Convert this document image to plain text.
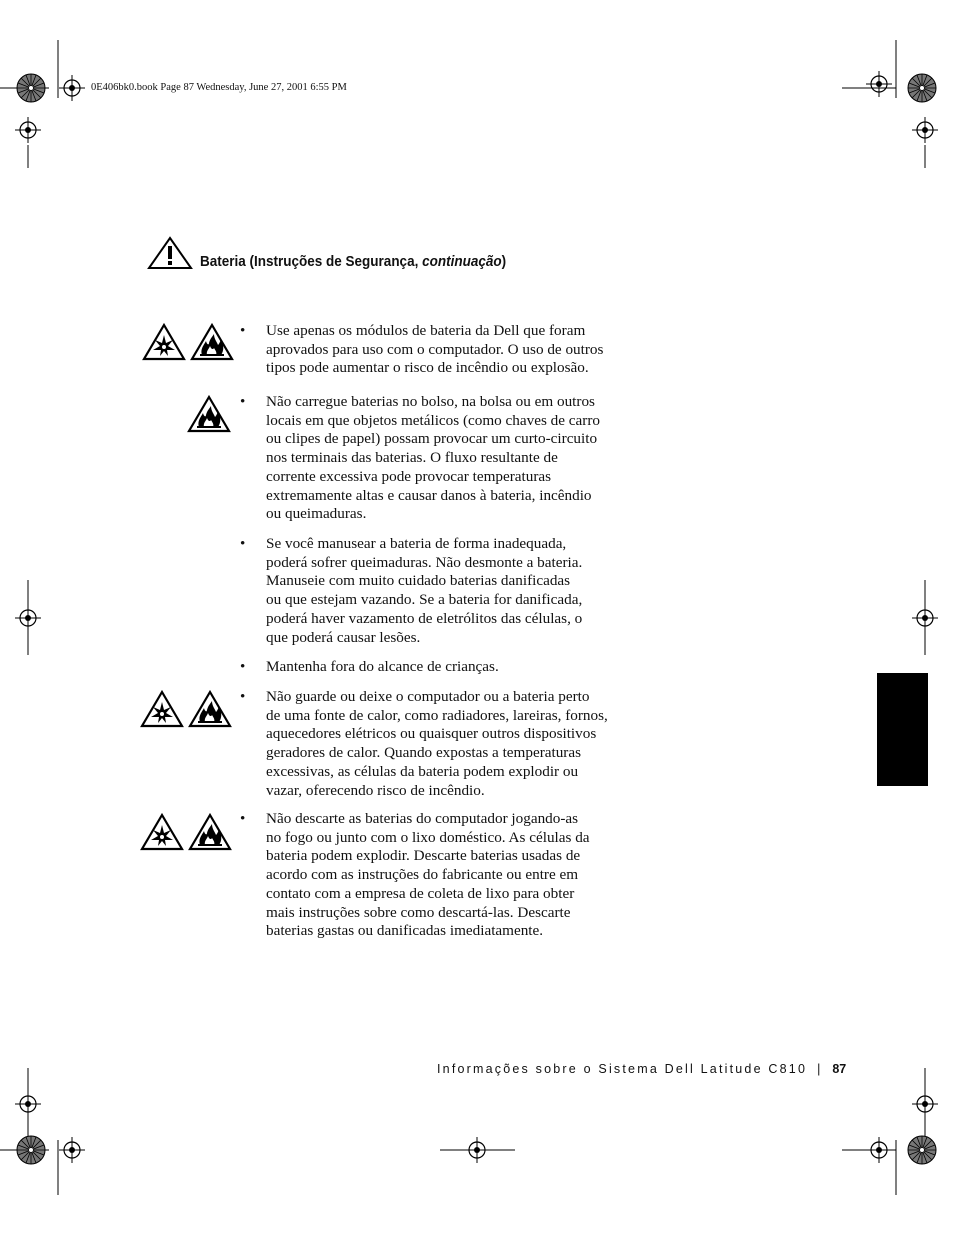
0E406bk0.book Page 87 Wednesday, June 27, 2001 6:55 PM
Bateria (Instruções de Segurança, continuação)
• Use apenas os módulos de bateria da Dell que foram
aprovados para uso com o computador. O uso de outros
tipos pode aumentar o risco de incêndio ou explosão.
• Não carregue baterias no bolso, na bolsa ou em outros
locais em que objetos metálicos (como chaves de carro
ou clipes de papel) possam provocar um curto-circuito
nos terminais das baterias. O fluxo resultante de
corrente excessiva pode provocar temperaturas
extremamente altas e causar danos à bateria, incêndio
ou queimaduras.
• Se você manusear a bateria de forma inadequada,
poderá sofrer queimaduras. Não desmonte a bateria.
Manuseie com muito cuidado baterias danificadas
ou que estejam vazando. Se a bateria for danificada,
poderá haver vazamento de eletrólitos das células, o
que poderá causar lesões.
• Mantenha fora do alcance de crianças.
• Não guarde ou deixe o computador ou a bateria perto
de uma fonte de calor, como radiadores, lareiras, fornos,
aquecedores elétricos ou quaisquer outros dispositivos
geradores de calor. Quando expostas a temperaturas
excessivas, as células da bateria podem explodir ou
vazar, oferecendo risco de incêndio.
• Não descarte as baterias do computador jogando-as
no fogo ou junto com o lixo doméstico. As células da
bateria podem explodir. Descarte baterias usadas de
acordo com as instruções do fabricante ou entre em
contato com a empresa de coleta de lixo para obter
mais instruções sobre como descartá-las. Descarte
baterias gastas ou danificadas imediatamente.
Informações sobre o Sistema Dell Latitude C810 | 87
